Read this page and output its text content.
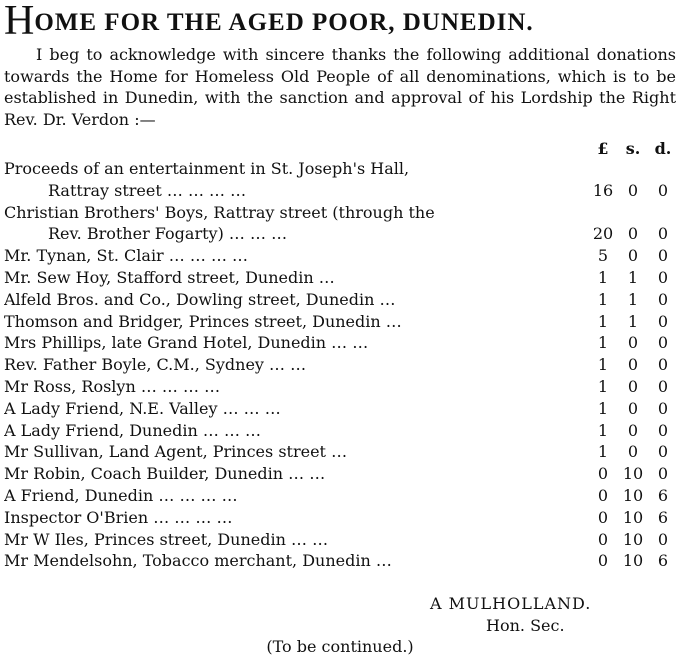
HOME FOR THE AGED POOR, DUNEDIN.

I beg to acknowledge with sincere thanks the following additional donations towards the Home for Homeless Old People of all denominations, which is to be established in Dunedin, with the sanction and approval of his Lordship the Right Rev. Dr. Verdon :—

£	s. d.
Proceeds of an entertainment in St. Joseph's Hall,
Rattray street … … … …	16 0	0
Christian Brothers' Boys, Rattray street (through the
Rev. Brother Fogarty) … … …	20 0	0
Mr. Tynan, St. Clair … … … …	5	0	0
Mr. Sew Hoy, Stafford street, Dunedin …	1	1	0
Alfeld Bros. and Co., Dowling street, Dunedin …	1	1	0
Thomson and Bridger, Princes street, Dunedin …	1	1	0
Mrs Phillips, late Grand Hotel, Dunedin … …	1	0	0
Rev. Father Boyle, C.M., Sydney … …	1	0	0
Mr Ross, Roslyn … … … …	1	0	0
A Lady Friend, N.E. Valley … … …	1	0	0
A Lady Friend, Dunedin … … …	1	0	0
Mr Sullivan, Land Agent, Princes street …	1	0	0
Mr Robin, Coach Builder, Dunedin … …	0 10 0
A Friend, Dunedin … … … …	0 10 6
Inspector O'Brien … … … …	0 10 6
Mr W Iles, Princes street, Dunedin … …	0 10 0
Mr Mendelsohn, Tobacco merchant, Dunedin …	0 10 6
A MULHOLLAND.
Hon. Sec.
(To be continued.)
